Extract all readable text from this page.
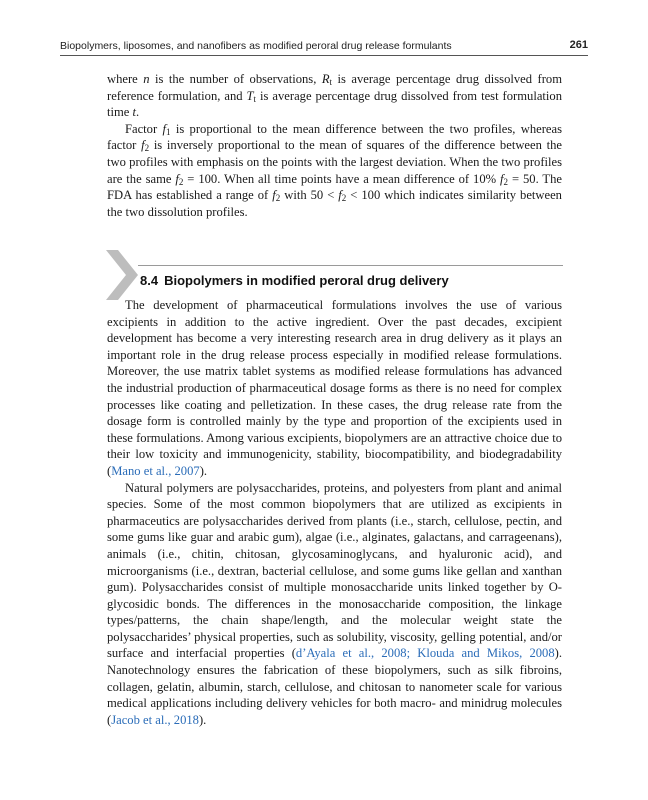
Biopolymers, liposomes, and nanofibers as modified peroral drug release formulants	261

where n is the number of observations, $R_t$ is average percentage drug dissolved from reference formulation, and $T_t$ is average percentage drug dissolved from test formulation time t.

Factor $f_1$ is proportional to the mean difference between the two profiles, whereas factor $f_2$ is inversely proportional to the mean of squares of the difference between the two profiles with emphasis on the points with the largest deviation. When the two profiles are the same $f_2 = 100$. When all time points have a mean difference of 10% $f_2 = 50$. The FDA has established a range of $f_2$ with $50 < f_2 < 100$ which indicates similarity between the two dissolution profiles.

8.4 Biopolymers in modified peroral drug delivery

The development of pharmaceutical formulations involves the use of various excipients in addition to the active ingredient. Over the past decades, excipient development has become a very interesting research area in drug delivery as it plays an important role in the drug release process especially in modified release formulations. Moreover, the use matrix tablet systems as modified release formulations has advanced the industrial production of pharmaceutical dosage forms as there is no need for complex processes like coating and pelletization. In these cases, the drug release rate from the dosage form is controlled mainly by the type and proportion of the excipients used in these formulations. Among various excipients, biopolymers are an attractive choice due to their low toxicity and immunogenicity, stability, biocompatibility, and biodegradability (Mano et al., 2007).

Natural polymers are polysaccharides, proteins, and polyesters from plant and animal species. Some of the most common biopolymers that are utilized as excipients in pharmaceutics are polysaccharides derived from plants (i.e., starch, cellulose, pectin, and some gums like guar and arabic gum), algae (i.e., alginates, galactans, and carrageenans), animals (i.e., chitin, chitosan, glycosaminoglycans, and hyaluronic acid), and microorganisms (i.e., dextran, bacterial cellulose, and some gums like gellan and xanthan gum). Polysaccharides consist of multiple monosaccharide units linked together by O-glycosidic bonds. The differences in the monosaccharide composition, the linkage types/patterns, the chain shape/length, and the molecular weight state the polysaccharides’ physical properties, such as solubility, viscosity, gelling potential, and/or surface and interfacial properties (d’Ayala et al., 2008; Klouda and Mikos, 2008). Nanotechnology ensures the fabrication of these biopolymers, such as silk fibroins, collagen, gelatin, albumin, starch, cellulose, and chitosan to nanometer scale for various medical applications including delivery vehicles for both macro- and minidrug molecules (Jacob et al., 2018).
